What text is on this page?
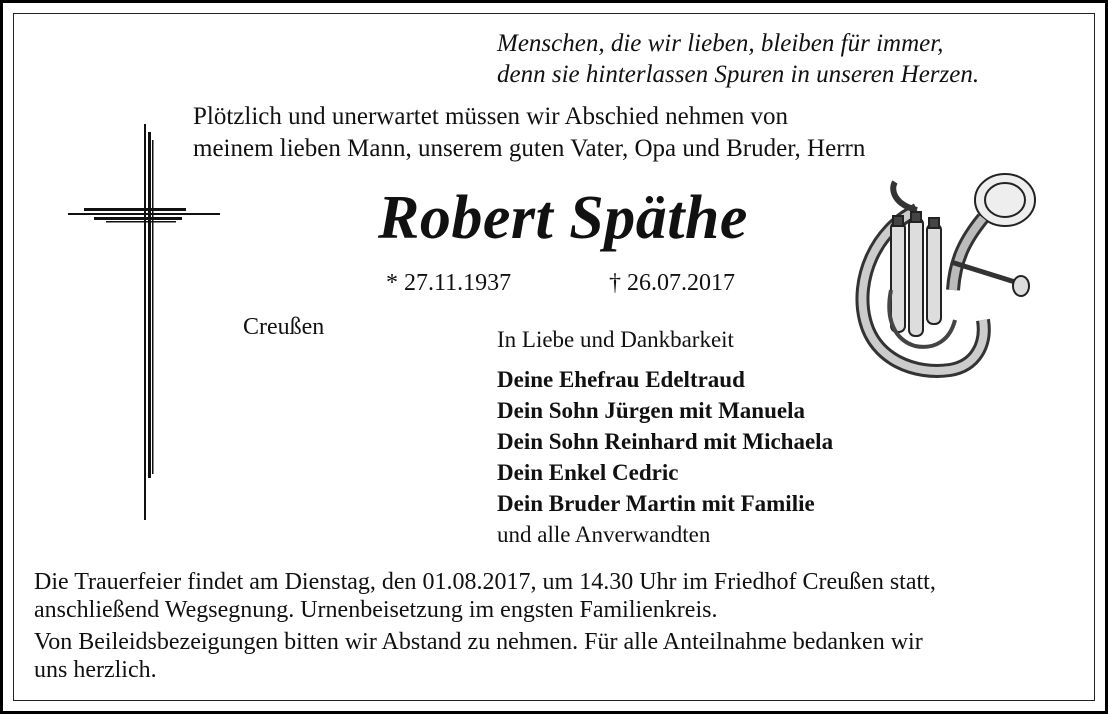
Menschen, die wir lieben, bleiben für immer,
denn sie hinterlassen Spuren in unseren Herzen.
Plötzlich und unerwartet müssen wir Abschied nehmen von
meinem lieben Mann, unserem guten Vater, Opa und Bruder, Herrn
Robert Späthe
* 27.11.1937	† 26.07.2017
Creußen	In Liebe und Dankbarkeit
Deine Ehefrau Edeltraud
Dein Sohn Jürgen mit Manuela
Dein Sohn Reinhard mit Michaela
Dein Enkel Cedric
Dein Bruder Martin mit Familie
und alle Anverwandten
Die Trauerfeier findet am Dienstag, den 01.08.2017, um 14.30 Uhr im Friedhof Creußen statt,
anschließend Wegsegnung. Urnenbeisetzung im engsten Familienkreis.
Von Beileidsbezeigungen bitten wir Abstand zu nehmen. Für alle Anteilnahme bedanken wir
uns herzlich.
